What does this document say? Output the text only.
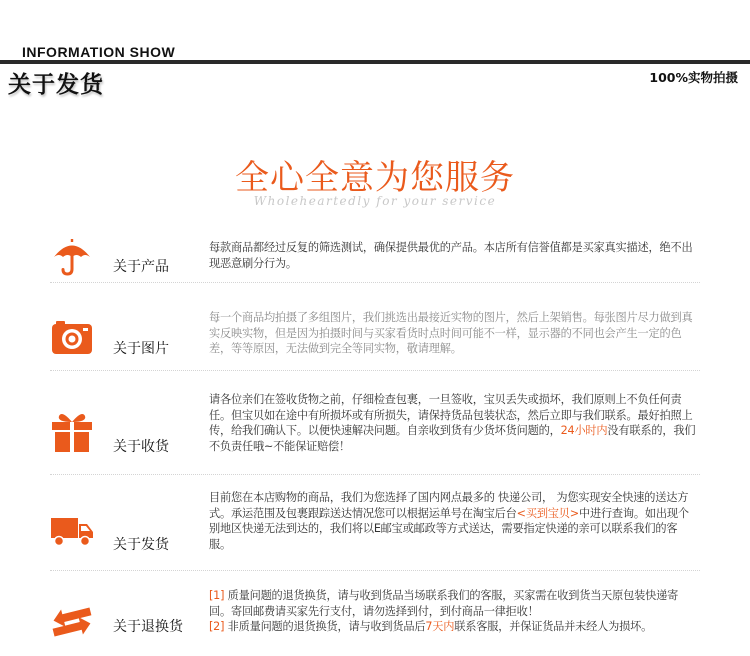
INFORMATION SHOW
关于发货	100%实物拍摄
全心全意为您服务
Wholeheartedly for your service
关于产品
每款商品都经过反复的筛选测试，确保提供最优的产品。本店所有信誉值都是买家真实描述，绝不出现恶意刷分行为。
关于图片
每一个商品均拍摄了多组图片，我们挑选出最接近实物的图片，然后上架销售。每张图片尽力做到真实反映实物，但是因为拍摄时间与买家看货时点时间可能不一样，显示器的不同也会产生一定的色差，等等原因，无法做到完全等同实物，敬请理解。
关于收货
请各位亲们在签收货物之前，仔细检查包裹，一旦签收，宝贝丢失或损坏，我们原则上不负任何责任。但宝贝如在途中有所损坏或有所损失，请保持货品包装状态，然后立即与我们联系。最好拍照上传，给我们确认下。以便快速解决问题。自亲收到货有少货坏货问题的，24小时内没有联系的，我们不负责任哦~不能保证赔偿！
关于发货
目前您在本店购物的商品，我们为您选择了国内网点最多的 快递公司， 为您实现安全快速的送达方式。承运范围及包裹跟踪送达情况您可以根据运单号在淘宝后台<买到宝贝>中进行查询。如出现个别地区快递无法到达的，我们将以E邮宝或邮政等方式送达，需要指定快递的亲可以联系我们的客服。
关于退换货
[1] 质量问题的退货换货，请与收到货品当场联系我们的客服，买家需在收到货当天原包装快递寄回。寄回邮费请买家先行支付，请勿选择到付，到付商品一律拒收！
[2] 非质量问题的退货换货，请与收到货品后7天内联系客服，并保证货品并未经人为损坏。
